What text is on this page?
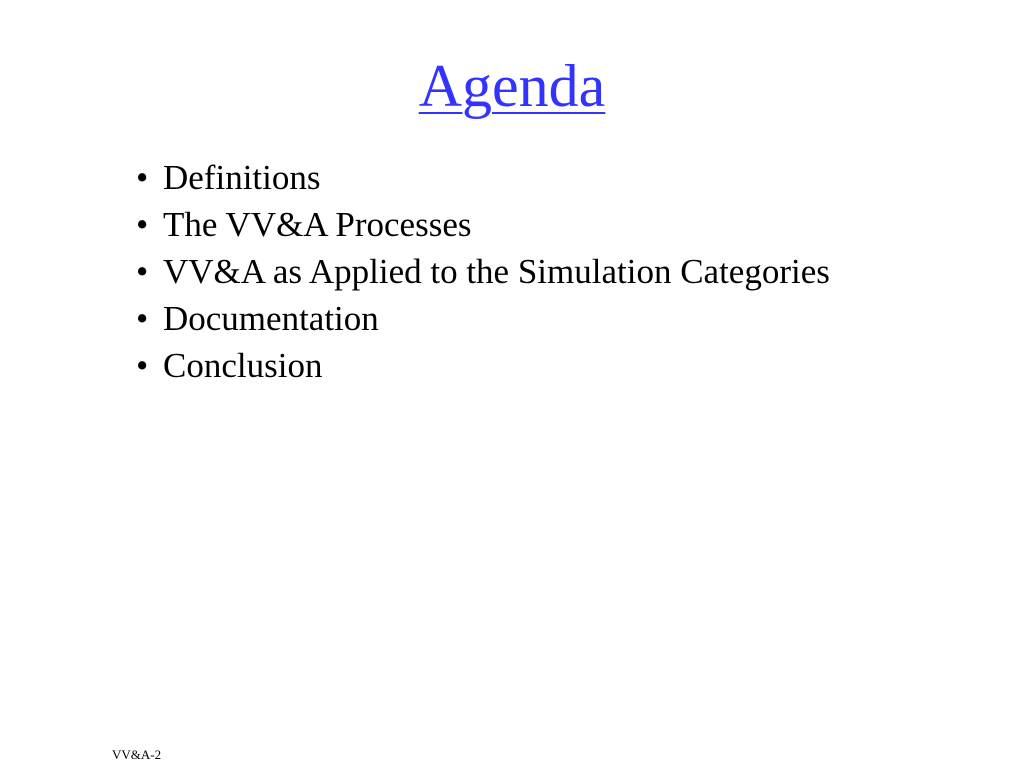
Agenda
• Definitions
• The VV&A Processes
• VV&A as Applied to the Simulation Categories
• Documentation
• Conclusion
VV&A-2
